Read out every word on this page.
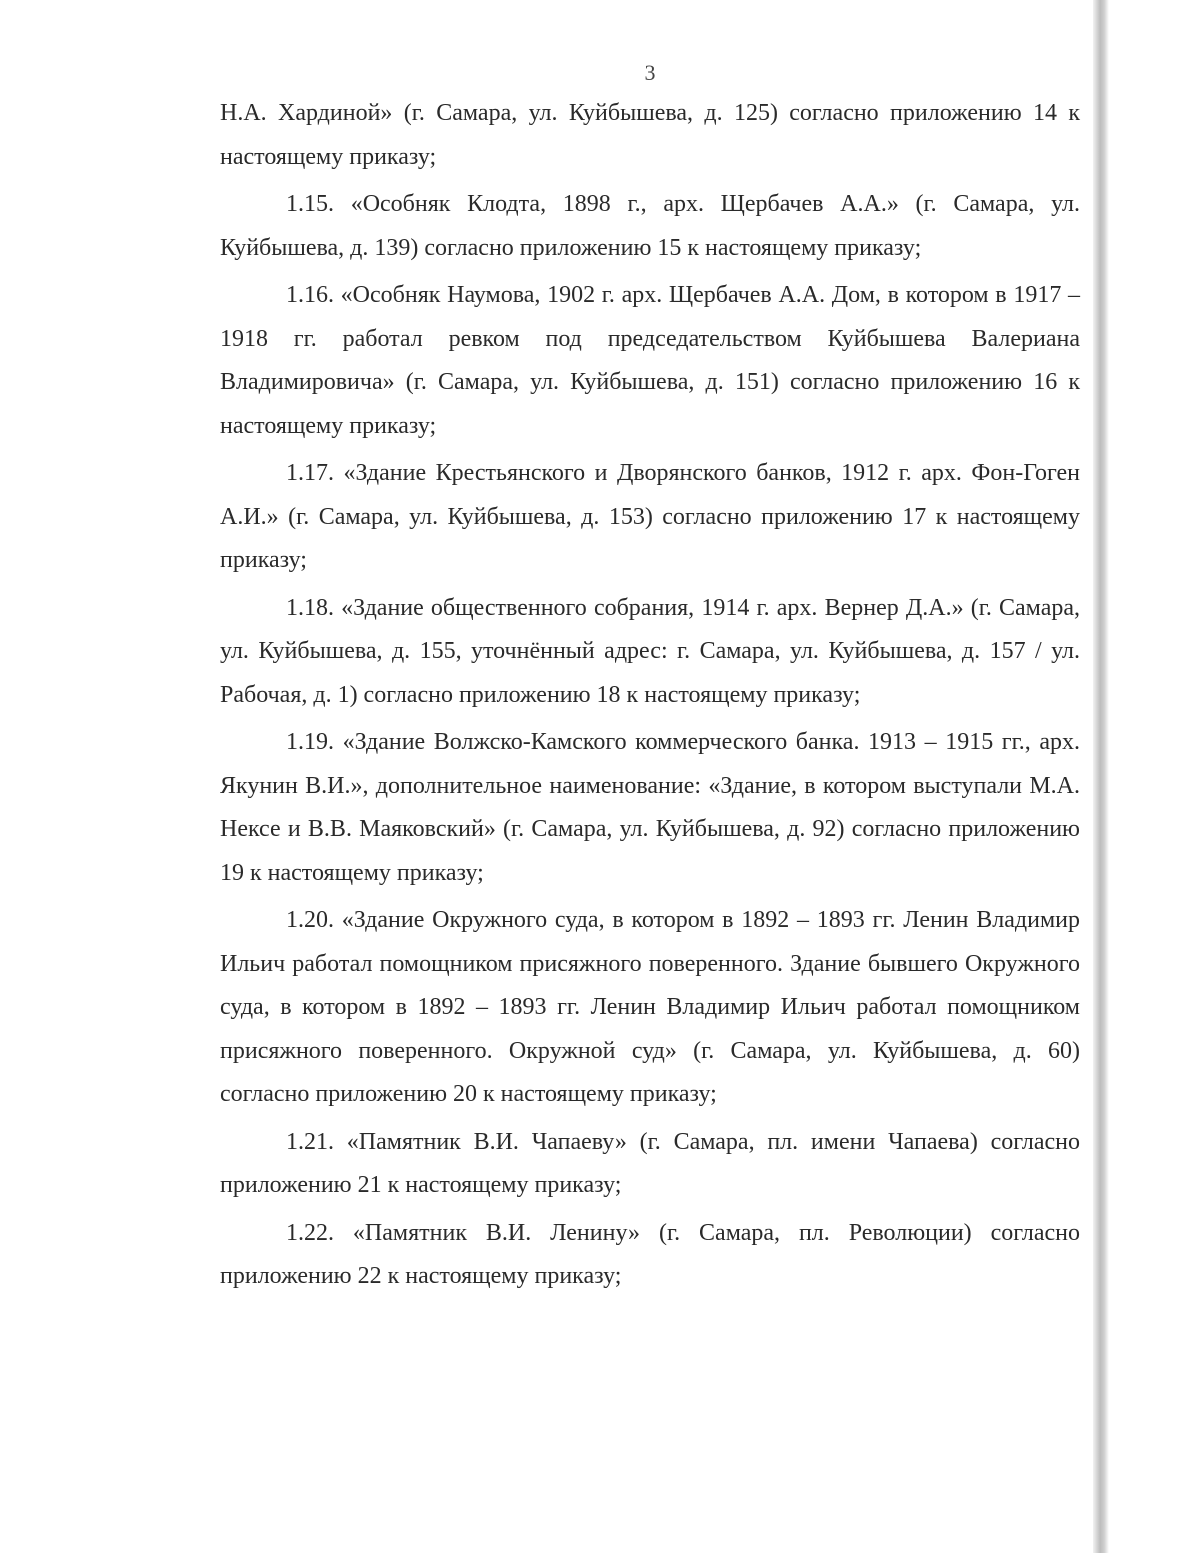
3

Н.А. Хардиной» (г. Самара, ул. Куйбышева, д. 125) согласно приложению 14 к настоящему приказу;

1.15. «Особняк Клодта, 1898 г., арх. Щербачев А.А.» (г. Самара, ул. Куйбышева, д. 139) согласно приложению 15 к настоящему приказу;

1.16. «Особняк Наумова, 1902 г. арх. Щербачев А.А. Дом, в котором в 1917 – 1918 гг. работал ревком под председательством Куйбышева Валериана Владимировича» (г. Самара, ул. Куйбышева, д. 151) согласно приложению 16 к настоящему приказу;

1.17. «Здание Крестьянского и Дворянского банков, 1912 г. арх. Фон-Гоген А.И.» (г. Самара, ул. Куйбышева, д. 153) согласно приложению 17 к настоящему приказу;

1.18. «Здание общественного собрания, 1914 г. арх. Вернер Д.А.» (г. Самара, ул. Куйбышева, д. 155, уточнённый адрес: г. Самара, ул. Куйбышева, д. 157 / ул. Рабочая, д. 1) согласно приложению 18 к настоящему приказу;

1.19. «Здание Волжско-Камского коммерческого банка. 1913 – 1915 гг., арх. Якунин В.И.», дополнительное наименование: «Здание, в котором выступали М.А. Нексе и В.В. Маяковский» (г. Самара, ул. Куйбышева, д. 92) согласно приложению 19 к настоящему приказу;

1.20. «Здание Окружного суда, в котором в 1892 – 1893 гг. Ленин Владимир Ильич работал помощником присяжного поверенного. Здание бывшего Окружного суда, в котором в 1892 – 1893 гг. Ленин Владимир Ильич работал помощником присяжного поверенного. Окружной суд» (г. Самара, ул. Куйбышева, д. 60) согласно приложению 20 к настоящему приказу;

1.21. «Памятник В.И. Чапаеву» (г. Самара, пл. имени Чапаева) согласно приложению 21 к настоящему приказу;

1.22. «Памятник В.И. Ленину» (г. Самара, пл. Революции) согласно приложению 22 к настоящему приказу;
